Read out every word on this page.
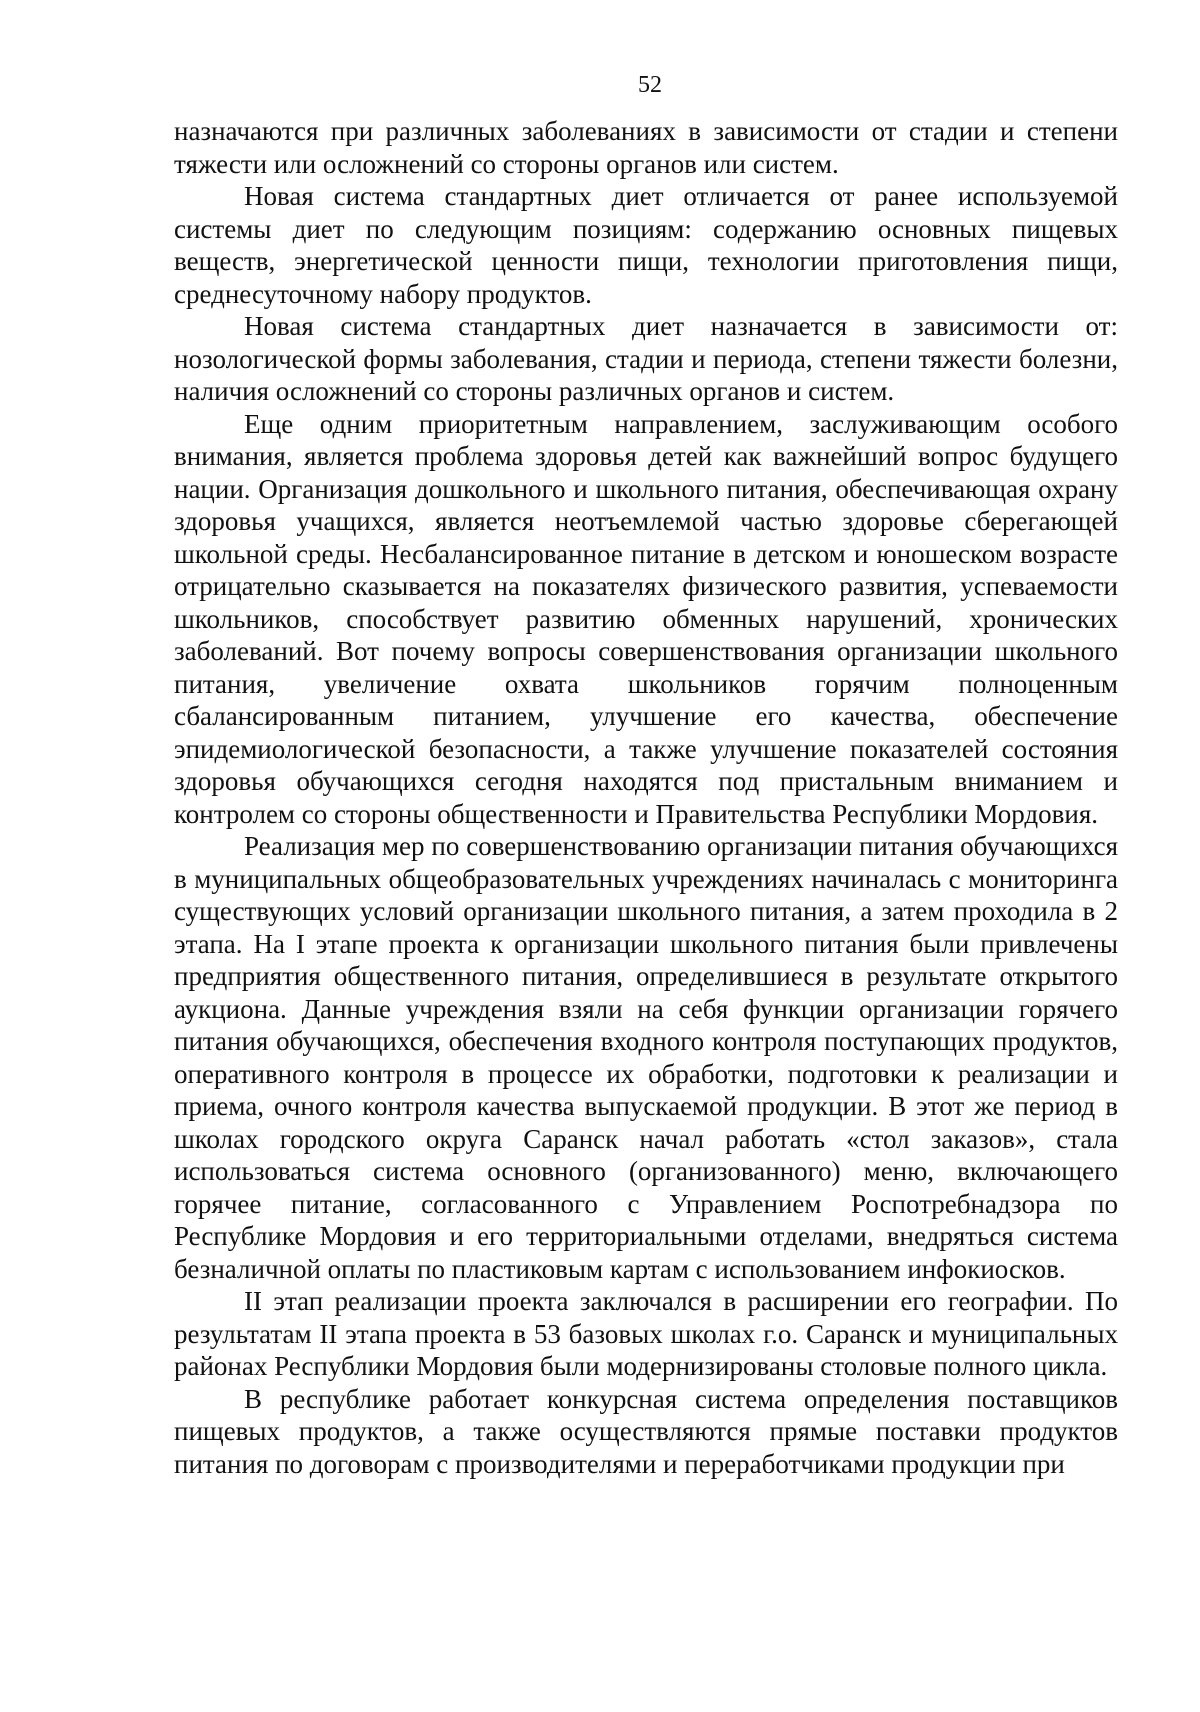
52

назначаются при различных заболеваниях в зависимости от стадии и степени тяжести или осложнений со стороны органов или систем.

Новая система стандартных диет отличается от ранее используемой системы диет по следующим позициям: содержанию основных пищевых веществ, энергетической ценности пищи, технологии приготовления пищи, среднесуточному набору продуктов.

Новая система стандартных диет назначается в зависимости от: нозологической формы заболевания, стадии и периода, степени тяжести болезни, наличия осложнений со стороны различных органов и систем.

Еще одним приоритетным направлением, заслуживающим особого внимания, является проблема здоровья детей как важнейший вопрос будущего нации. Организация дошкольного и школьного питания, обеспечивающая охрану здоровья учащихся, является неотъемлемой частью здоровье сберегающей школьной среды. Несбалансированное питание в детском и юношеском возрасте отрицательно сказывается на показателях физического развития, успеваемости школьников, способствует развитию обменных нарушений, хронических заболеваний. Вот почему вопросы совершенствования организации школьного питания, увеличение охвата школьников горячим полноценным сбалансированным питанием, улучшение его качества, обеспечение эпидемиологической безопасности, а также улучшение показателей состояния здоровья обучающихся сегодня находятся под пристальным вниманием и контролем со стороны общественности и Правительства Республики Мордовия.

Реализация мер по совершенствованию организации питания обучающихся в муниципальных общеобразовательных учреждениях начиналась с мониторинга существующих условий организации школьного питания, а затем проходила в 2 этапа. На I этапе проекта к организации школьного питания были привлечены предприятия общественного питания, определившиеся в результате открытого аукциона. Данные учреждения взяли на себя функции организации горячего питания обучающихся, обеспечения входного контроля поступающих продуктов, оперативного контроля в процессе их обработки, подготовки к реализации и приема, очного контроля качества выпускаемой продукции. В этот же период в школах городского округа Саранск начал работать «стол заказов», стала использоваться система основного (организованного) меню, включающего горячее питание, согласованного с Управлением Роспотребнадзора по Республике Мордовия и его территориальными отделами, внедряться система безналичной оплаты по пластиковым картам с использованием инфокиосков.

II этап реализации проекта заключался в расширении его географии. По результатам II этапа проекта в 53 базовых школах г.о. Саранск и муниципальных районах Республики Мордовия были модернизированы столовые полного цикла.

В республике работает конкурсная система определения поставщиков пищевых продуктов, а также осуществляются прямые поставки продуктов питания по договорам с производителями и переработчиками продукции при
